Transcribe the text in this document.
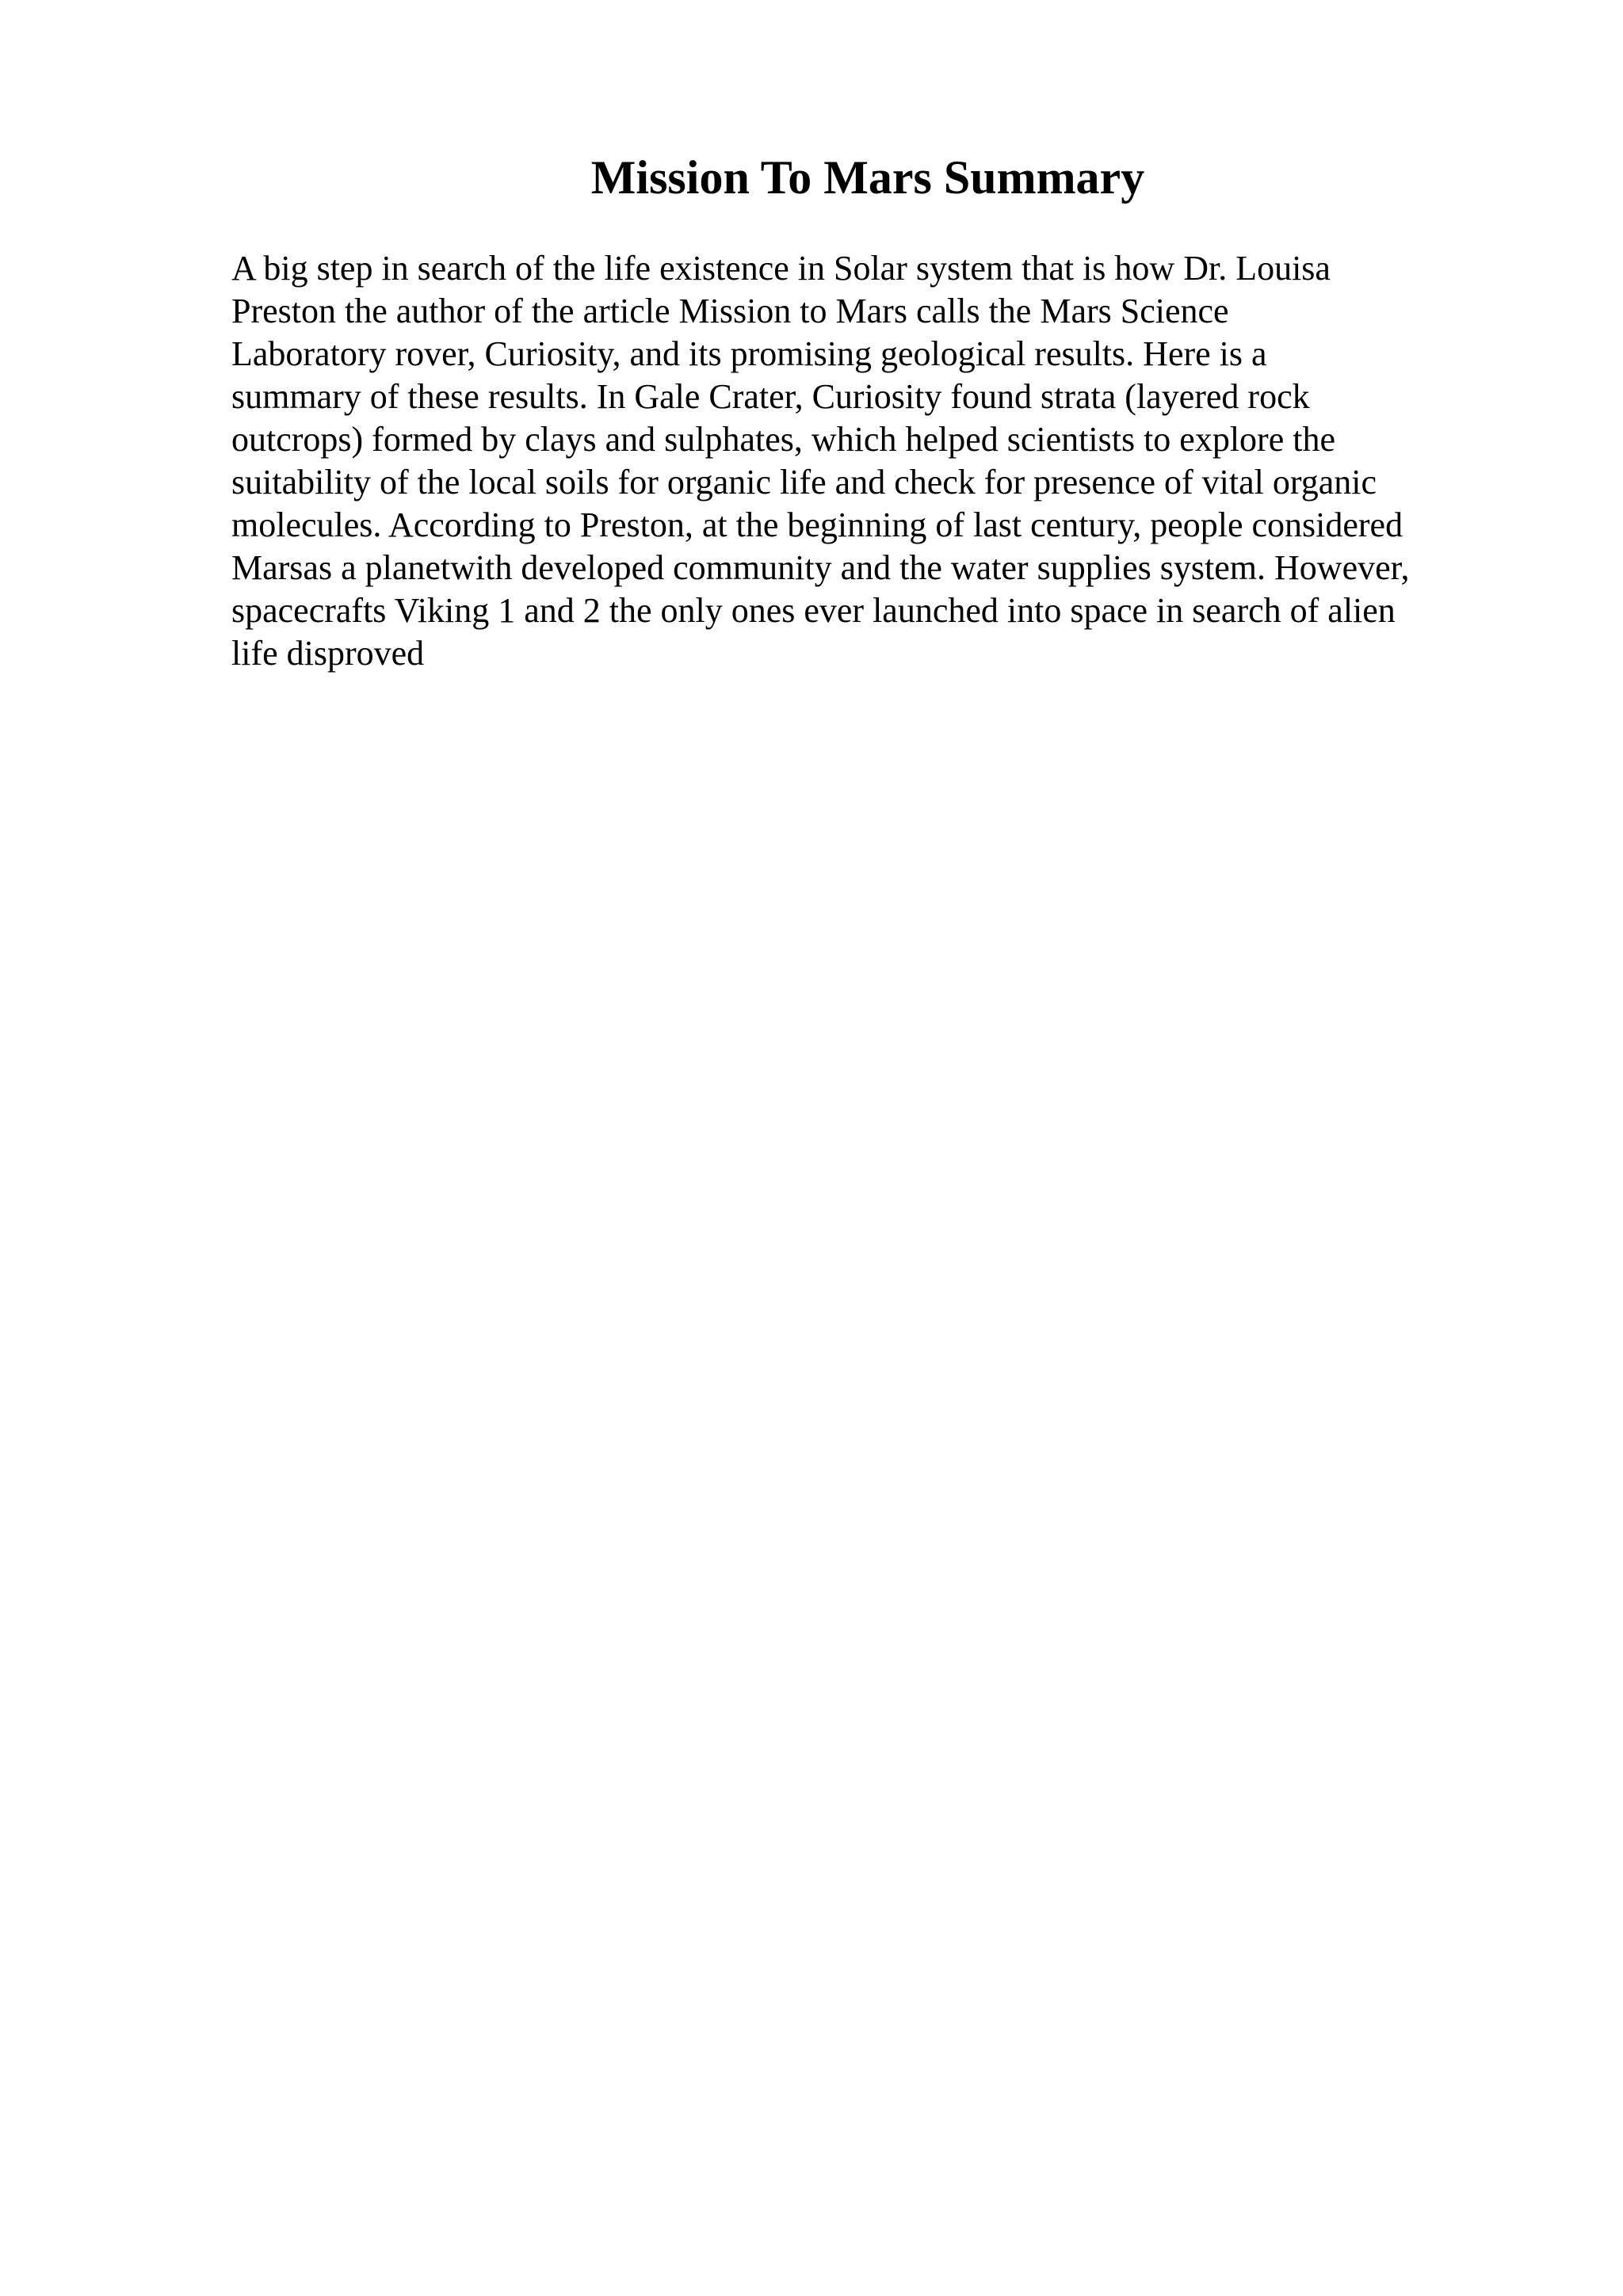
Mission To Mars Summary

A big step in search of the life existence in Solar system that is how Dr. Louisa

Preston the author of the article Mission to Mars calls the Mars Science

Laboratory rover, Curiosity, and its promising geological results. Here is a

summary of these results. In Gale Crater, Curiosity found strata (layered rock

outcrops) formed by clays and sulphates, which helped scientists to explore the

suitability of the local soils for organic life and check for presence of vital organic

molecules. According to Preston, at the beginning of last century, people considered

Marsas a planetwith developed community and the water supplies system. However,

spacecrafts Viking 1 and 2 the only ones ever launched into space in search of alien

life disproved
